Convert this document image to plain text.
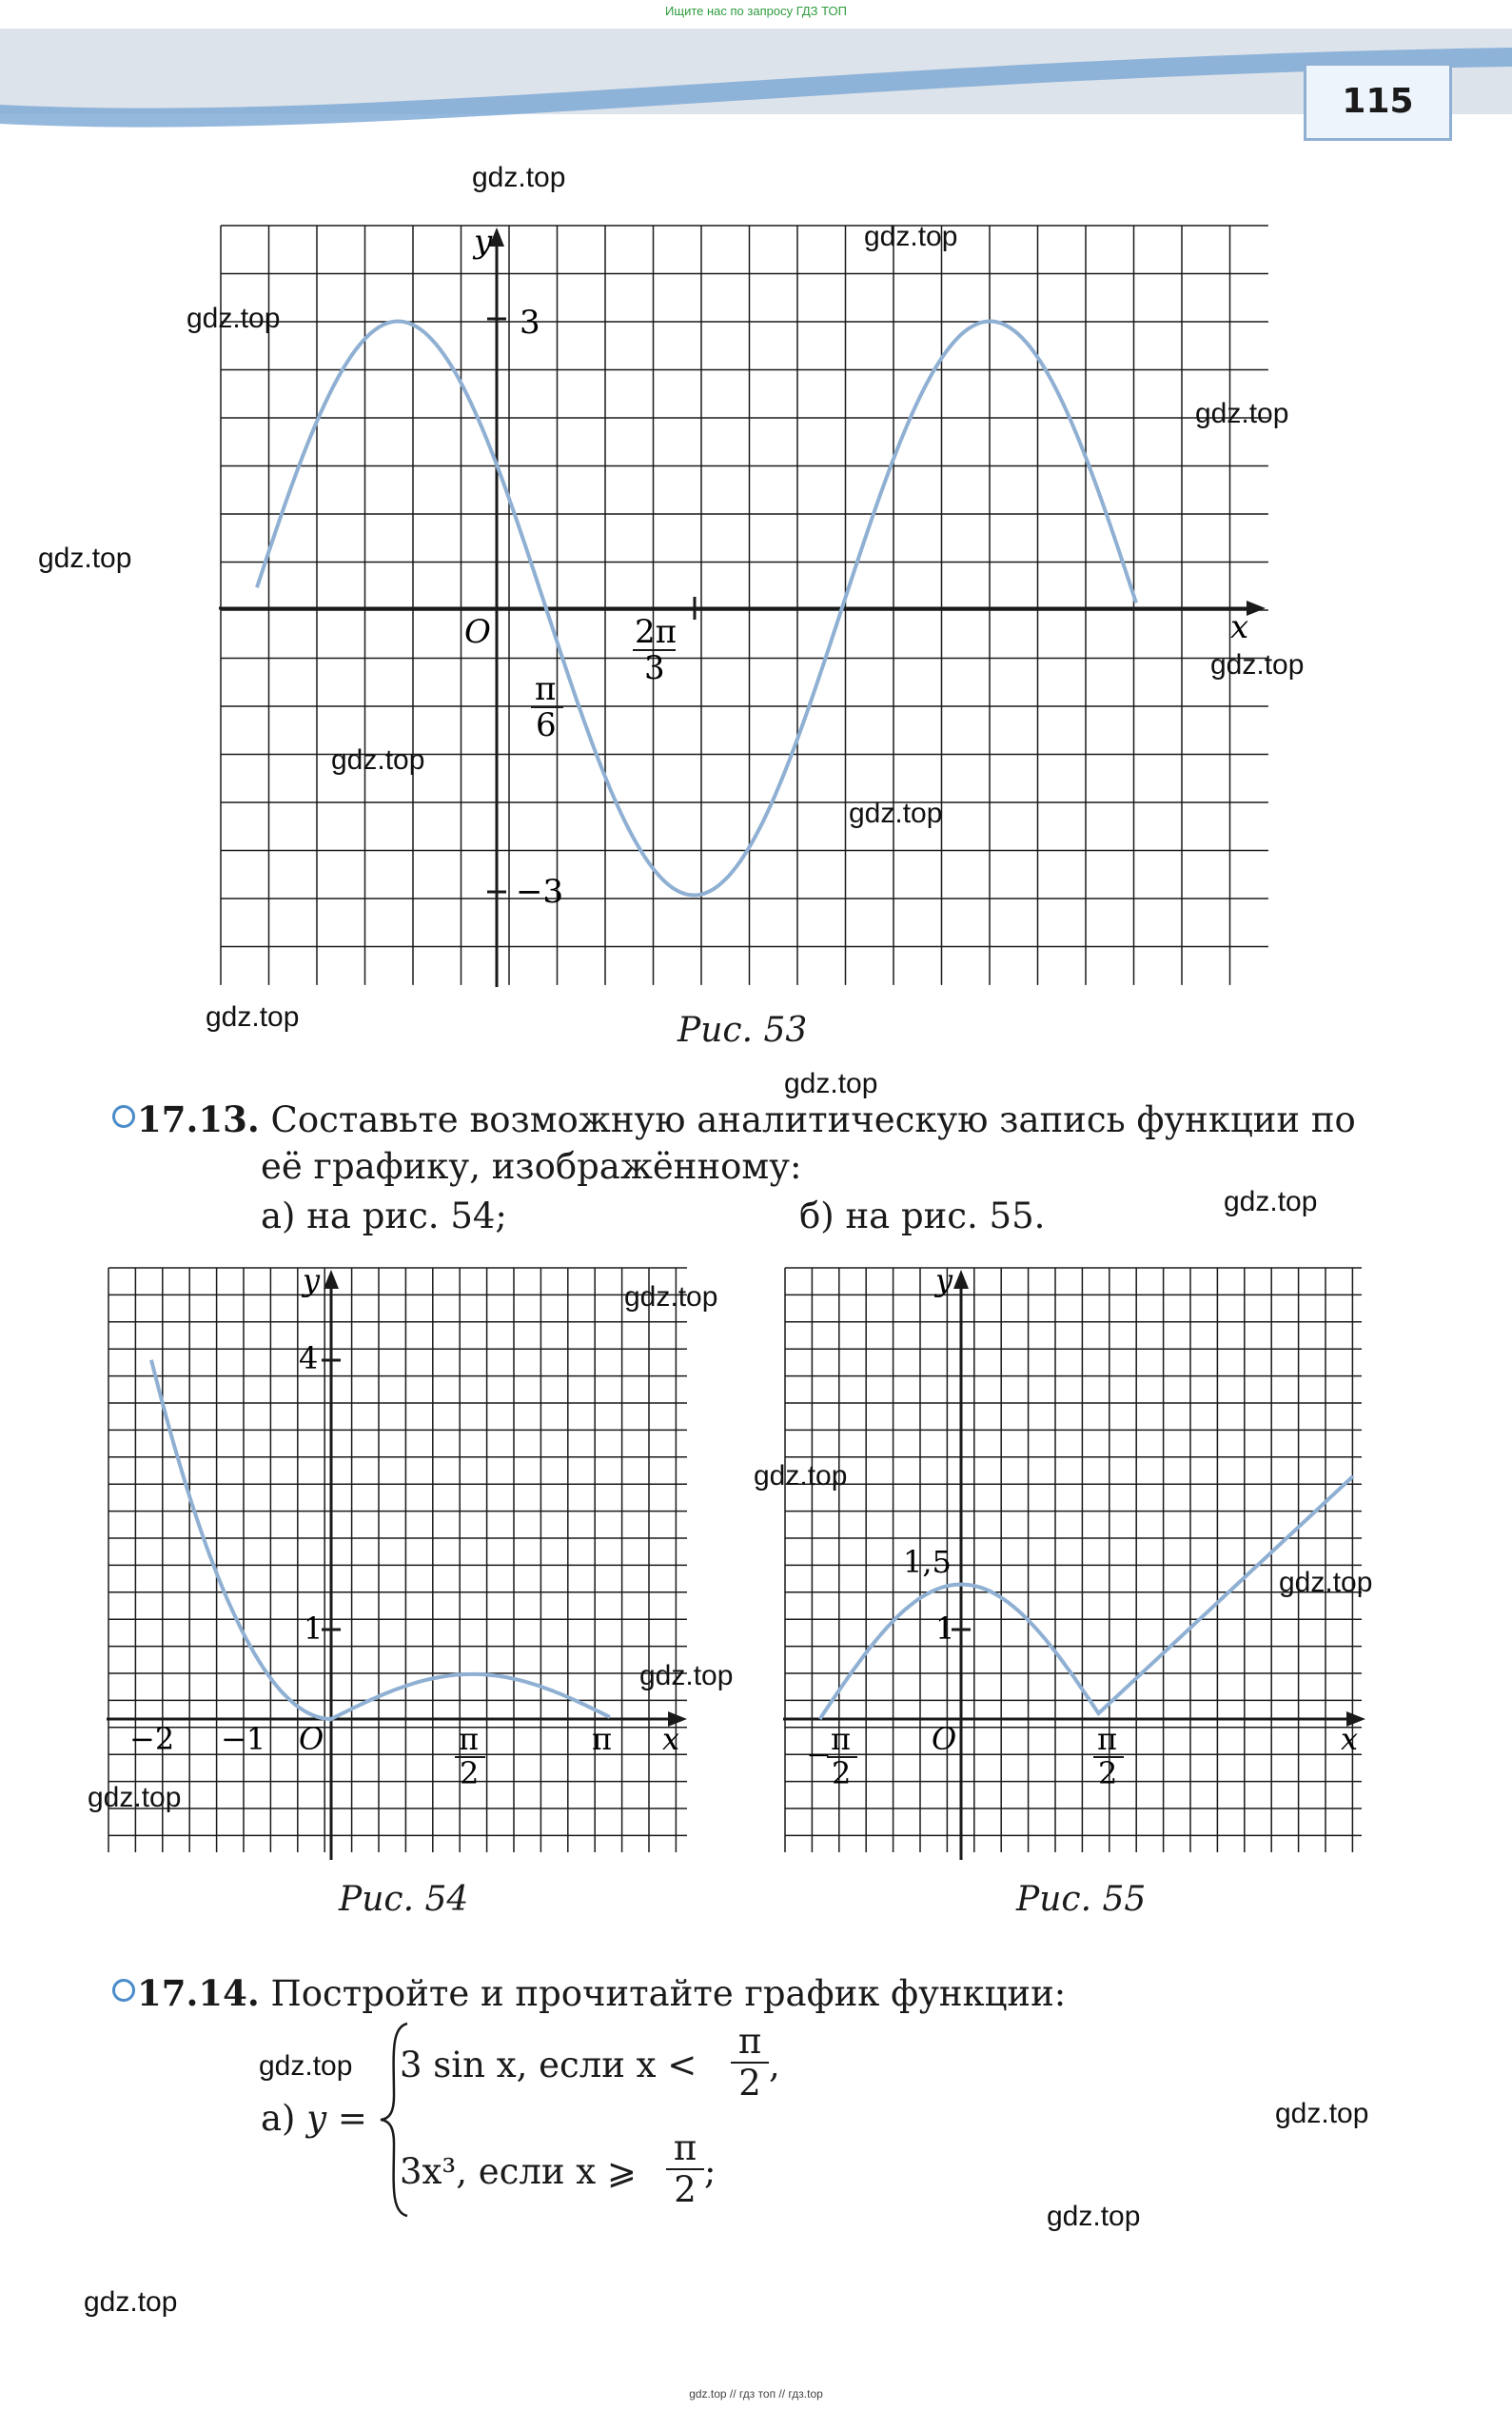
Ищите нас по запросу ГДЗ ТОП
115
y
x
O
3
−3
π
6
2π
3
Рис. 53
17.13. Составьте возможную аналитическую запись функции по
её графику, изображённому:
а) на рис. 54;	б) на рис. 55.
y
x
O
4
1
−2 −1	π
π
2
Рис. 54
y
x
O
1,5
1
− π
2
π
2
Рис. 55
17.14. Постройте и прочитайте график функции:
а) y =
3 sin x, если $x < \frac{\pi}{2}$ ,
3x³, если x ⩾ $\frac{\pi}{2}$ ;
gdz.top
gdz.top
gdz.top
gdz.top
gdz.top
gdz.top
gdz.top
gdz.top
gdz.top
gdz.top
gdz.top
gdz.top
gdz.top
gdz.top
gdz.top
gdz.top
gdz.top
gdz.top
gdz.top
gdz.top
gdz.top // гдз топ // гдз.top
